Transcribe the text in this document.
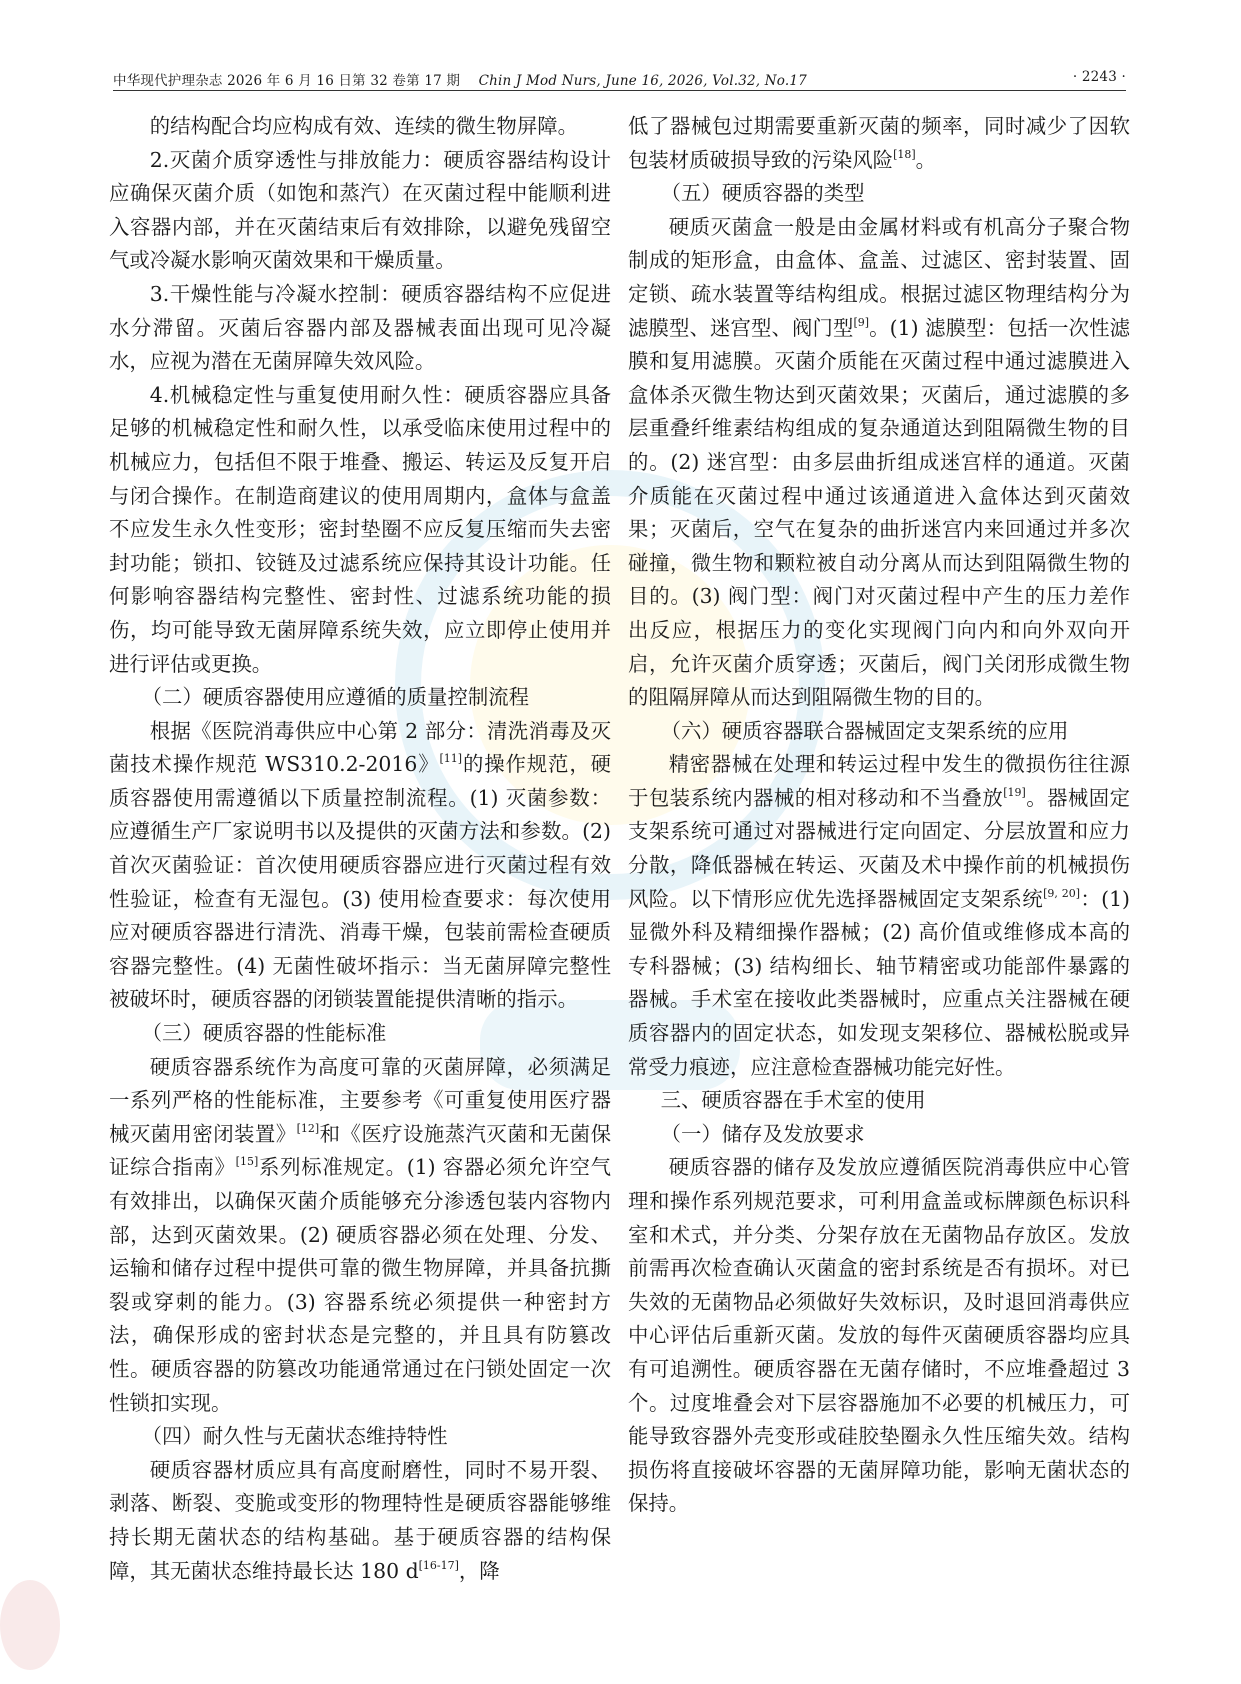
中华现代护理杂志 2026 年 6 月 16 日第 32 卷第 17 期 Chin J Mod Nurs, June 16, 2026, Vol.32, No.17	· 2243 ·

的结构配合均应构成有效、连续的微生物屏障。

2.灭菌介质穿透性与排放能力：硬质容器结构设计应确保灭菌介质（如饱和蒸汽）在灭菌过程中能顺利进入容器内部，并在灭菌结束后有效排除，以避免残留空气或冷凝水影响灭菌效果和干燥质量。

3.干燥性能与冷凝水控制：硬质容器结构不应促进水分滞留。灭菌后容器内部及器械表面出现可见冷凝水，应视为潜在无菌屏障失效风险。

4.机械稳定性与重复使用耐久性：硬质容器应具备足够的机械稳定性和耐久性，以承受临床使用过程中的机械应力，包括但不限于堆叠、搬运、转运及反复开启与闭合操作。在制造商建议的使用周期内，盒体与盒盖不应发生永久性变形；密封垫圈不应反复压缩而失去密封功能；锁扣、铰链及过滤系统应保持其设计功能。任何影响容器结构完整性、密封性、过滤系统功能的损伤，均可能导致无菌屏障系统失效，应立即停止使用并进行评估或更换。

（二）硬质容器使用应遵循的质量控制流程

根据《医院消毒供应中心第 2 部分：清洗消毒及灭菌技术操作规范 WS310.2-2016》[11]的操作规范，硬质容器使用需遵循以下质量控制流程。(1) 灭菌参数：应遵循生产厂家说明书以及提供的灭菌方法和参数。(2) 首次灭菌验证：首次使用硬质容器应进行灭菌过程有效性验证，检查有无湿包。(3) 使用检查要求：每次使用应对硬质容器进行清洗、消毒干燥，包装前需检查硬质容器完整性。(4) 无菌性破坏指示：当无菌屏障完整性被破坏时，硬质容器的闭锁装置能提供清晰的指示。

（三）硬质容器的性能标准

硬质容器系统作为高度可靠的灭菌屏障，必须满足一系列严格的性能标准，主要参考《可重复使用医疗器械灭菌用密闭装置》[12]和《医疗设施蒸汽灭菌和无菌保证综合指南》[15]系列标准规定。(1) 容器必须允许空气有效排出，以确保灭菌介质能够充分渗透包装内容物内部，达到灭菌效果。(2) 硬质容器必须在处理、分发、运输和储存过程中提供可靠的微生物屏障，并具备抗撕裂或穿刺的能力。(3) 容器系统必须提供一种密封方法，确保形成的密封状态是完整的，并且具有防篡改性。硬质容器的防篡改功能通常通过在闩锁处固定一次性锁扣实现。

（四）耐久性与无菌状态维持特性

硬质容器材质应具有高度耐磨性，同时不易开裂、剥落、断裂、变脆或变形的物理特性是硬质容器能够维持长期无菌状态的结构基础。基于硬质容器的结构保障，其无菌状态维持最长达 180 d[16-17]，降

低了器械包过期需要重新灭菌的频率，同时减少了因软包装材质破损导致的污染风险[18]。

（五）硬质容器的类型

硬质灭菌盒一般是由金属材料或有机高分子聚合物制成的矩形盒，由盒体、盒盖、过滤区、密封装置、固定锁、疏水装置等结构组成。根据过滤区物理结构分为滤膜型、迷宫型、阀门型[9]。(1) 滤膜型：包括一次性滤膜和复用滤膜。灭菌介质能在灭菌过程中通过滤膜进入盒体杀灭微生物达到灭菌效果；灭菌后，通过滤膜的多层重叠纤维素结构组成的复杂通道达到阻隔微生物的目的。(2) 迷宫型：由多层曲折组成迷宫样的通道。灭菌介质能在灭菌过程中通过该通道进入盒体达到灭菌效果；灭菌后，空气在复杂的曲折迷宫内来回通过并多次碰撞，微生物和颗粒被自动分离从而达到阻隔微生物的目的。(3) 阀门型：阀门对灭菌过程中产生的压力差作出反应，根据压力的变化实现阀门向内和向外双向开启，允许灭菌介质穿透；灭菌后，阀门关闭形成微生物的阻隔屏障从而达到阻隔微生物的目的。

（六）硬质容器联合器械固定支架系统的应用

精密器械在处理和转运过程中发生的微损伤往往源于包装系统内器械的相对移动和不当叠放[19]。器械固定支架系统可通过对器械进行定向固定、分层放置和应力分散，降低器械在转运、灭菌及术中操作前的机械损伤风险。以下情形应优先选择器械固定支架系统[9, 20]：(1) 显微外科及精细操作器械；(2) 高价值或维修成本高的专科器械；(3) 结构细长、轴节精密或功能部件暴露的器械。手术室在接收此类器械时，应重点关注器械在硬质容器内的固定状态，如发现支架移位、器械松脱或异常受力痕迹，应注意检查器械功能完好性。

三、硬质容器在手术室的使用

（一）储存及发放要求

硬质容器的储存及发放应遵循医院消毒供应中心管理和操作系列规范要求，可利用盒盖或标牌颜色标识科室和术式，并分类、分架存放在无菌物品存放区。发放前需再次检查确认灭菌盒的密封系统是否有损坏。对已失效的无菌物品必须做好失效标识，及时退回消毒供应中心评估后重新灭菌。发放的每件灭菌硬质容器均应具有可追溯性。硬质容器在无菌存储时，不应堆叠超过 3 个。过度堆叠会对下层容器施加不必要的机械压力，可能导致容器外壳变形或硅胶垫圈永久性压缩失效。结构损伤将直接破坏容器的无菌屏障功能，影响无菌状态的保持。
